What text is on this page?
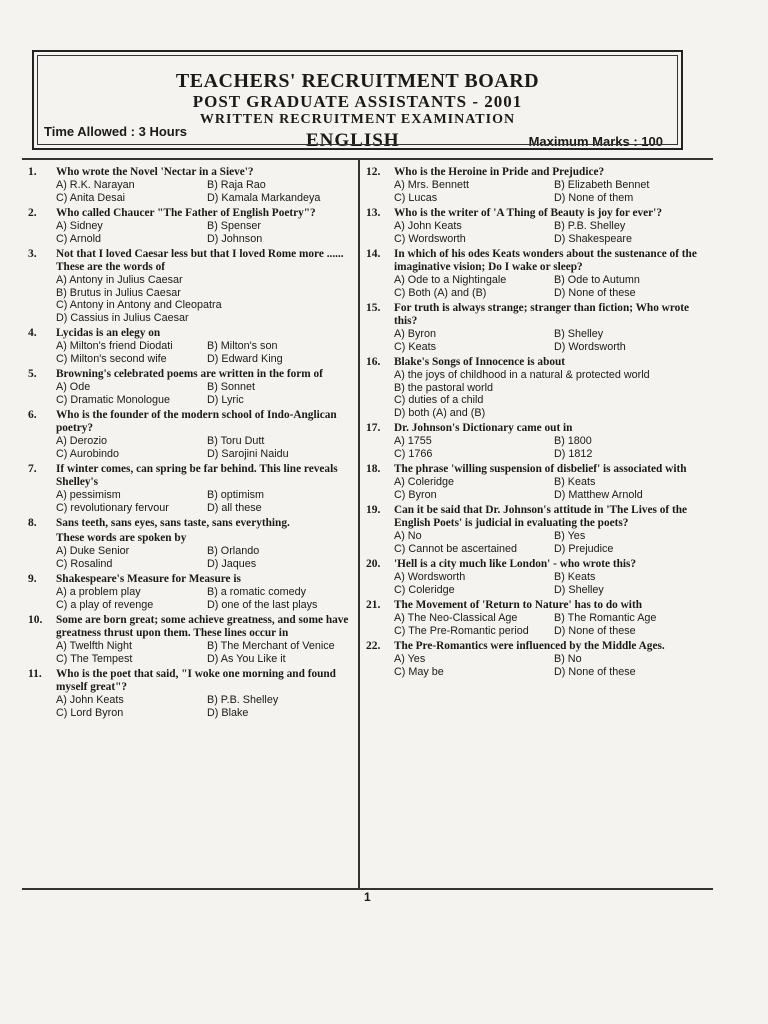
TEACHERS' RECRUITMENT BOARD
POST GRADUATE ASSISTANTS - 2001
WRITTEN RECRUITMENT EXAMINATION
Time Allowed : 3 Hours	ENGLISH	Maximum Marks : 100
1. Who wrote the Novel 'Nectar in a Sieve'?
A) R.K. Narayan	B) Raja Rao
C) Anita Desai	D) Kamala Markandeya
2. Who called Chaucer "The Father of English Poetry"?
A) Sidney	B) Spenser
C) Arnold	D) Johnson
3. Not that I loved Caesar less but that I loved Rome more ...... These are the words of
A) Antony in Julius Caesar
B) Brutus in Julius Caesar
C) Antony in Antony and Cleopatra
D) Cassius in Julius Caesar
4. Lycidas is an elegy on
A) Milton's friend Diodati	B) Milton's son
C) Milton's second wife	D) Edward King
5. Browning's celebrated poems are written in the form of
A) Ode	B) Sonnet
C) Dramatic Monologue	D) Lyric
6. Who is the founder of the modern school of Indo-Anglican poetry?
A) Derozio	B) Toru Dutt
C) Aurobindo	D) Sarojini Naidu
7. If winter comes, can spring be far behind. This line reveals Shelley's
A) pessimism	B) optimism
C) revolutionary fervour	D) all these
8. Sans teeth, sans eyes, sans taste, sans everything.
These words are spoken by
A) Duke Senior	B) Orlando
C) Rosalind	D) Jaques
9. Shakespeare's Measure for Measure is
A) a problem play	B) a romatic comedy
C) a play of revenge	D) one of the last plays
10. Some are born great; some achieve greatness, and some have greatness thrust upon them. These lines occur in
A) Twelfth Night	B) The Merchant of Venice
C) The Tempest	D) As You Like it
11. Who is the poet that said, "I woke one morning and found myself great"?
A) John Keats	B) P.B. Shelley
C) Lord Byron	D) Blake
12. Who is the Heroine in Pride and Prejudice?
A) Mrs. Bennett	B) Elizabeth Bennet
C) Lucas	D) None of them
13. Who is the writer of 'A Thing of Beauty is joy for ever'?
A) John Keats	B) P.B. Shelley
C) Wordsworth	D) Shakespeare
14. In which of his odes Keats wonders about the sustenance of the imaginative vision; Do I wake or sleep?
A) Ode to a Nightingale	B) Ode to Autumn
C) Both (A) and (B)	D) None of these
15. For truth is always strange; stranger than fiction; Who wrote this?
A) Byron	B) Shelley
C) Keats	D) Wordsworth
16. Blake's Songs of Innocence is about
A) the joys of childhood in a natural & protected world
B) the pastoral world
C) duties of a child
D) both (A) and (B)
17. Dr. Johnson's Dictionary came out in
A) 1755	B) 1800
C) 1766	D) 1812
18. The phrase 'willing suspension of disbelief' is associated with
A) Coleridge	B) Keats
C) Byron	D) Matthew Arnold
19. Can it be said that Dr. Johnson's attitude in 'The Lives of the English Poets' is judicial in evaluating the poets?
A) No	B) Yes
C) Cannot be ascertained	D) Prejudice
20. 'Hell is a city much like London' - who wrote this?
A) Wordsworth	B) Keats
C) Coleridge	D) Shelley
21. The Movement of 'Return to Nature' has to do with
A) The Neo-Classical Age	B) The Romantic Age
C) The Pre-Romantic period	D) None of these
22. The Pre-Romantics were influenced by the Middle Ages.
A) Yes	B) No
C) May be	D) None of these
1
